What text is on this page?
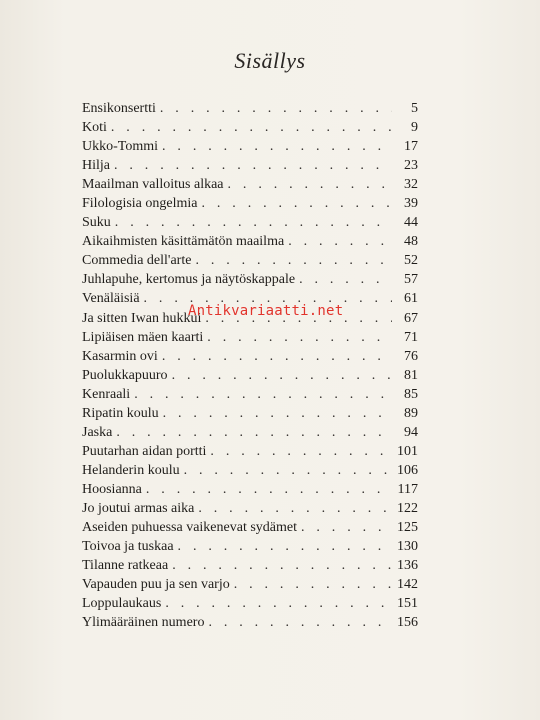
Sisällys
Ensikonsertti . . .	5
Koti . . .	9
Ukko-Tommi . . .	17
Hilja . . .	23
Maailman valloitus alkaa . . .	32
Filologisia ongelmia . . .	39
Suku . . .	44
Aikaihmisten käsittämätön maailma . . .	48
Commedia dell'arte . . .	52
Juhlapuhe, kertomus ja näytöskappale . . .	57
Venäläisiä . . .	61
Ja sitten Iwan hukkui . . .	67
Lipiäisen mäen kaarti . . .	71
Kasarmin ovi . . .	76
Puolukkapuuro . . .	81
Kenraali . . .	85
Ripatin koulu . . .	89
Jaska . . .	94
Puutarhan aidan portti . . .	101
Helanderin koulu . . .	106
Hoosianna . . .	117
Jo joutui armas aika . . .	122
Aseiden puhuessa vaikenevat sydämet . . .	125
Toivoa ja tuskaa . . .	130
Tilanne ratkeaa . . .	136
Vapauden puu ja sen varjo . . .	142
Loppulaukaus . . .	151
Ylimääräinen numero . . .	156
Antikvariaatti.net
